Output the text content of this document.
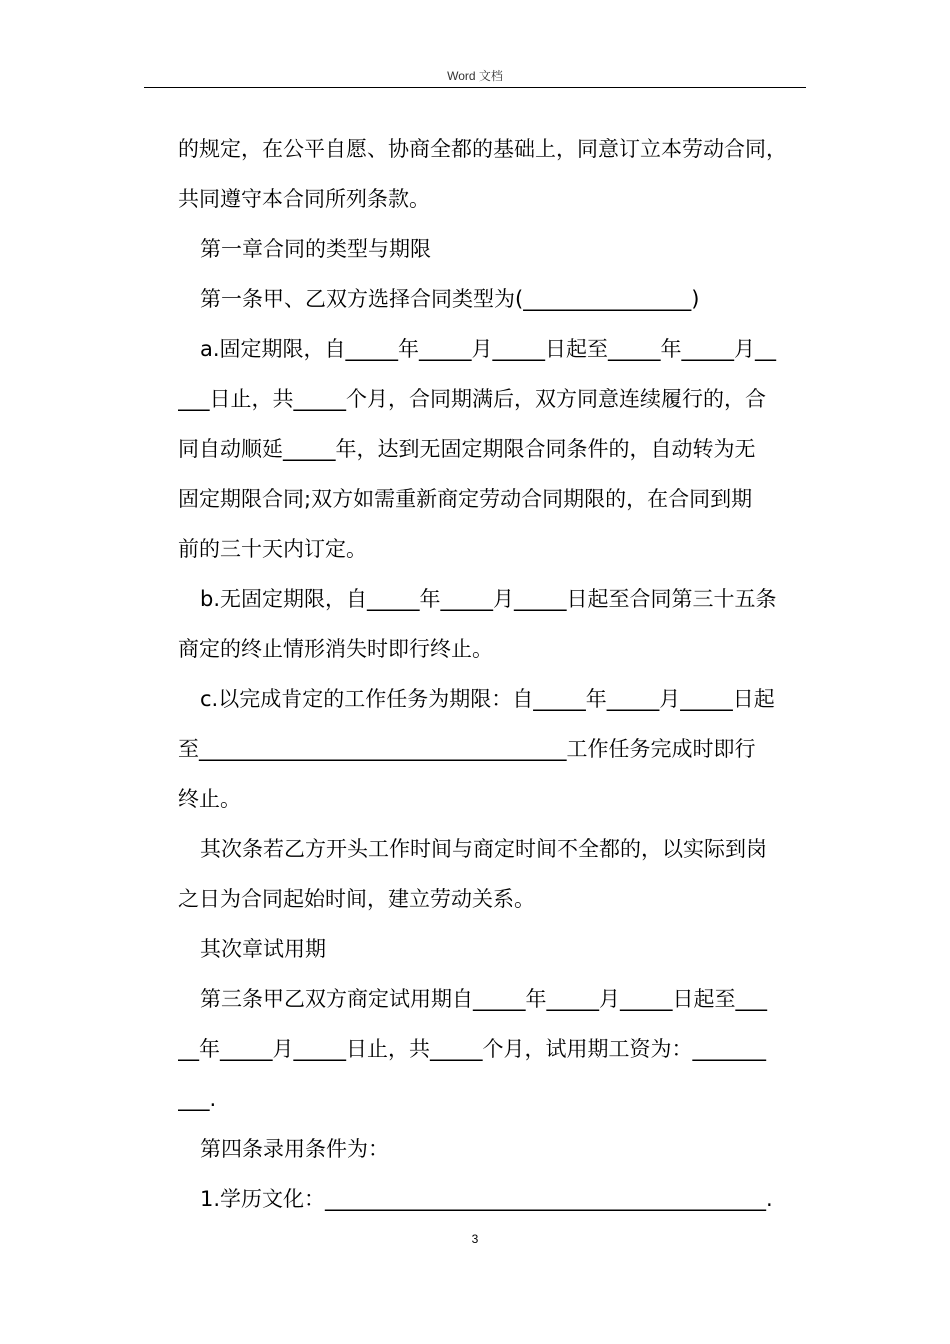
Word 文档
的规定，在公平自愿、协商全都的基础上，同意订立本劳动合同，
共同遵守本合同所列条款。
第一章合同的类型与期限
第一条甲、乙双方选择合同类型为(________________)
a.固定期限，自_____年_____月_____日起至_____年_____月__
___日止，共_____个月，合同期满后，双方同意连续履行的，合
同自动顺延_____年，达到无固定期限合同条件的，自动转为无
固定期限合同;双方如需重新商定劳动合同期限的，在合同到期
前的三十天内订定。
b.无固定期限，自_____年_____月_____日起至合同第三十五条
商定的终止情形消失时即行终止。
c.以完成肯定的工作任务为期限：自_____年_____月_____日起
至___________________________________工作任务完成时即行
终止。
其次条若乙方开头工作时间与商定时间不全都的，以实际到岗
之日为合同起始时间，建立劳动关系。
其次章试用期
第三条甲乙双方商定试用期自_____年_____月_____日起至___
__年_____月_____日止，共_____个月，试用期工资为：_______
___.
第四条录用条件为：
1.学历文化：__________________________________________.
3
